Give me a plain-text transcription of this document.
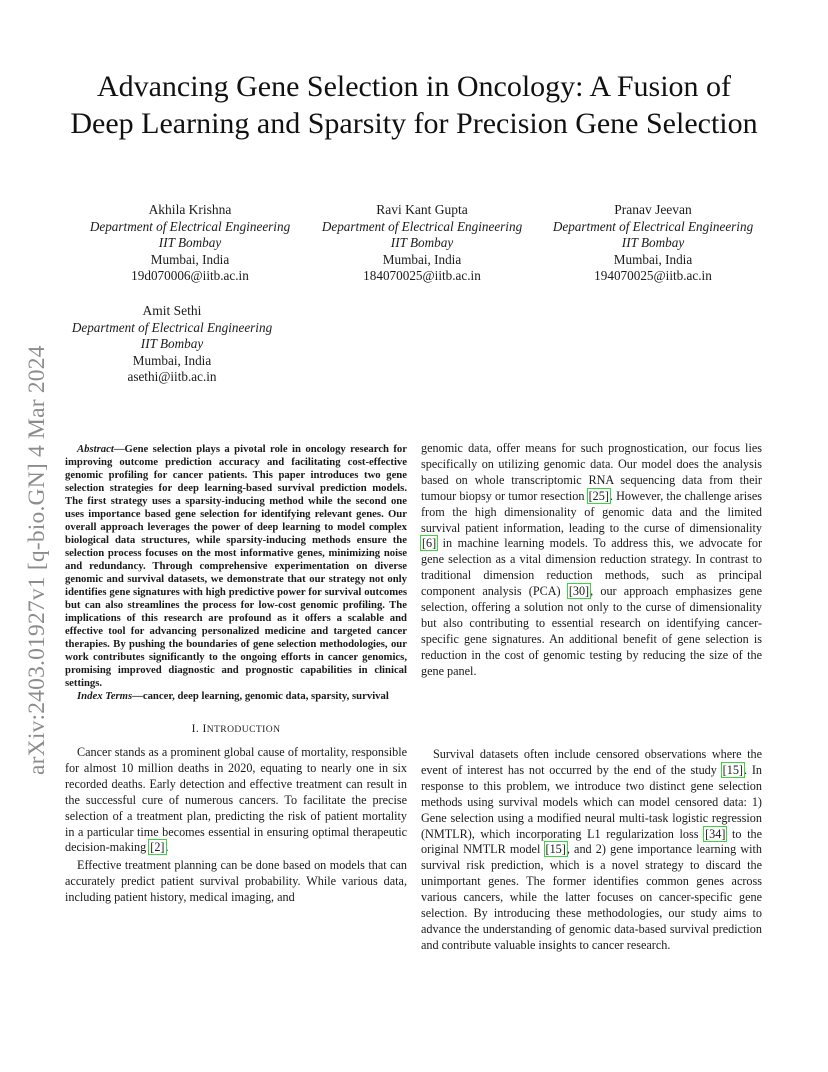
arXiv:2403.01927v1 [q-bio.GN] 4 Mar 2024
Advancing Gene Selection in Oncology: A Fusion of Deep Learning and Sparsity for Precision Gene Selection
Akhila Krishna
Department of Electrical Engineering
IIT Bombay
Mumbai, India
19d070006@iitb.ac.in
Ravi Kant Gupta
Department of Electrical Engineering
IIT Bombay
Mumbai, India
184070025@iitb.ac.in
Pranav Jeevan
Department of Electrical Engineering
IIT Bombay
Mumbai, India
194070025@iitb.ac.in
Amit Sethi
Department of Electrical Engineering
IIT Bombay
Mumbai, India
asethi@iitb.ac.in
Abstract—Gene selection plays a pivotal role in oncology research for improving outcome prediction accuracy and facilitating cost-effective genomic profiling for cancer patients. This paper introduces two gene selection strategies for deep learning-based survival prediction models. The first strategy uses a sparsity-inducing method while the second one uses importance based gene selection for identifying relevant genes. Our overall approach leverages the power of deep learning to model complex biological data structures, while sparsity-inducing methods ensure the selection process focuses on the most informative genes, minimizing noise and redundancy. Through comprehensive experimentation on diverse genomic and survival datasets, we demonstrate that our strategy not only identifies gene signatures with high predictive power for survival outcomes but can also streamlines the process for low-cost genomic profiling. The implications of this research are profound as it offers a scalable and effective tool for advancing personalized medicine and targeted cancer therapies. By pushing the boundaries of gene selection methodologies, our work contributes significantly to the ongoing efforts in cancer genomics, promising improved diagnostic and prognostic capabilities in clinical settings.
Index Terms—cancer, deep learning, genomic data, sparsity, survival
I. INTRODUCTION

Cancer stands as a prominent global cause of mortality, responsible for almost 10 million deaths in 2020, equating to nearly one in six recorded deaths. Early detection and effective treatment can result in the successful cure of numerous cancers. To facilitate the precise selection of a treatment plan, predicting the risk of patient mortality in a particular time becomes essential in ensuring optimal therapeutic decision-making [2].

Effective treatment planning can be done based on models that can accurately predict patient survival probability. While various data, including patient history, medical imaging, and

genomic data, offer means for such prognostication, our focus lies specifically on utilizing genomic data. Our model does the analysis based on whole transcriptomic RNA sequencing data from their tumour biopsy or tumor resection [25]. However, the challenge arises from the high dimensionality of genomic data and the limited survival patient information, leading to the curse of dimensionality [6] in machine learning models. To address this, we advocate for gene selection as a vital dimension reduction strategy. In contrast to traditional dimension reduction methods, such as principal component analysis (PCA) [30], our approach emphasizes gene selection, offering a solution not only to the curse of dimensionality but also contributing to essential research on identifying cancer-specific gene signatures. An additional benefit of gene selection is reduction in the cost of genomic testing by reducing the size of the gene panel.

Survival datasets often include censored observations where the event of interest has not occurred by the end of the study [15]. In response to this problem, we introduce two distinct gene selection methods using survival models which can model censored data: 1) Gene selection using a modified neural multi-task logistic regression (NMTLR), which incorporating L1 regularization loss [34] to the original NMTLR model [15], and 2) gene importance learning with survival risk prediction, which is a novel strategy to discard the unimportant genes. The former identifies common genes across various cancers, while the latter focuses on cancer-specific gene selection. By introducing these methodologies, our study aims to advance the understanding of genomic data-based survival prediction and contribute valuable insights to cancer research.
